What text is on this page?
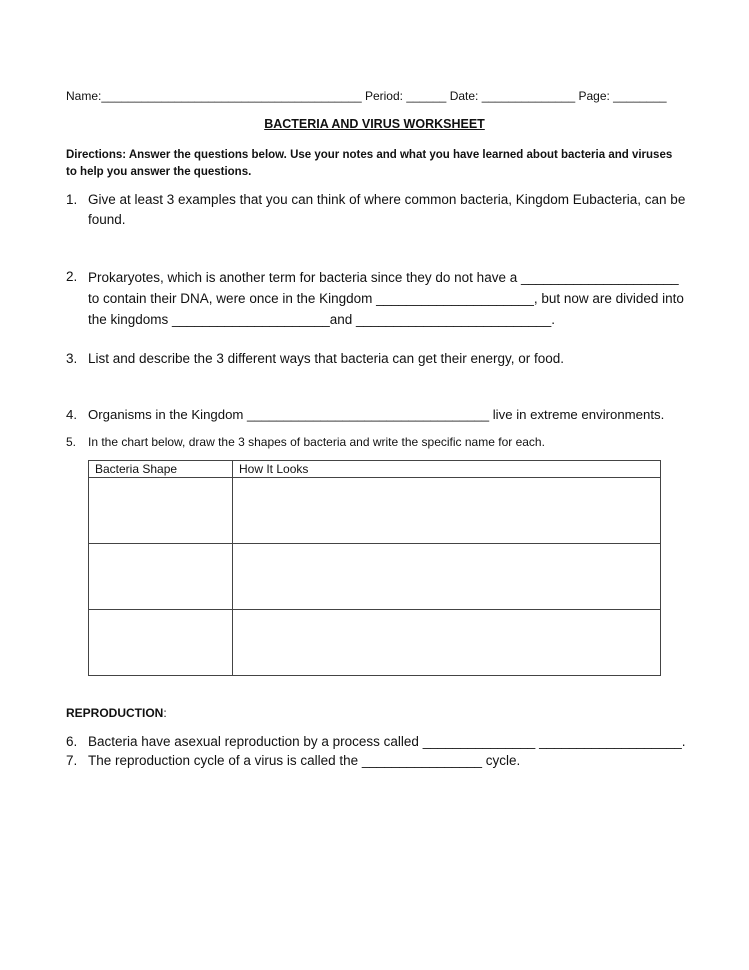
Name:_______________________________________ Period: ______ Date: ______________ Page: ________
BACTERIA AND VIRUS WORKSHEET
Directions: Answer the questions below. Use your notes and what you have learned about bacteria and viruses to help you answer the questions.
1. Give at least 3 examples that you can think of where common bacteria, Kingdom Eubacteria, can be found.
2. Prokaryotes, which is another term for bacteria since they do not have a _____________________ to contain their DNA, were once in the Kingdom _____________________, but now are divided into the kingdoms _____________________and __________________________.
3. List and describe the 3 different ways that bacteria can get their energy, or food.
4. Organisms in the Kingdom _________________________________ live in extreme environments.
5. In the chart below, draw the 3 shapes of bacteria and write the specific name for each.
Bacteria Shape	How It Looks

REPRODUCTION:
6. Bacteria have asexual reproduction by a process called _______________ ___________________.
7. The reproduction cycle of a virus is called the ________________ cycle.
